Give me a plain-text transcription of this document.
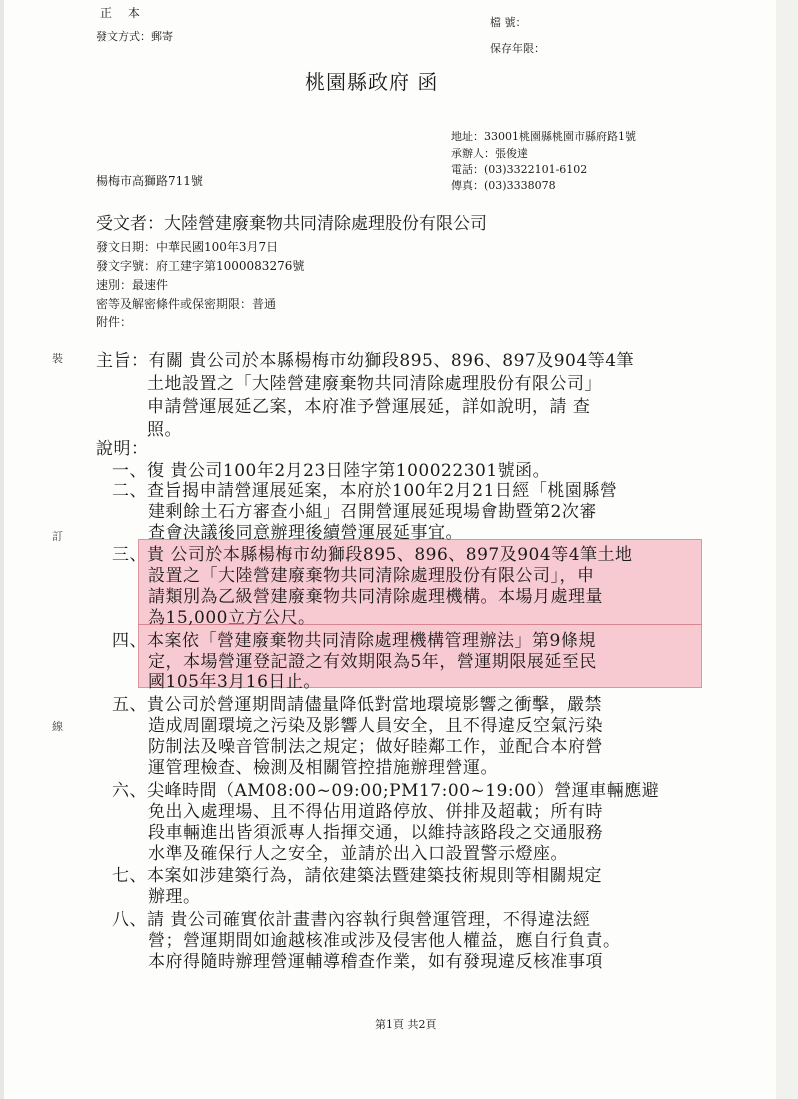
正 本
發文方式：郵寄
檔 號：
保存年限：
桃園縣政府 函
地址：33001桃園縣桃園市縣府路1號
承辦人：張俊達
電話：(03)3322101-6102
傳真：(03)3338078
楊梅市高獅路711號
受文者：大陸營建廢棄物共同清除處理股份有限公司
發文日期：中華民國100年3月7日
發文字號：府工建字第1000083276號
速別：最速件
密等及解密條件或保密期限：普通
附件：
裝
訂
線
主旨：有關 貴公司於本縣楊梅市幼獅段895、896、897及904等4筆
土地設置之「大陸營建廢棄物共同清除處理股份有限公司」
申請營運展延乙案，本府准予營運展延，詳如說明，請 查
照。
說明：
一、復 貴公司100年2月23日陸字第100022301號函。
二、查旨揭申請營運展延案，本府於100年2月21日經「桃園縣營
建剩餘土石方審查小組」召開營運展延現場會勘暨第2次審
查會決議後同意辦理後續營運展延事宜。
三、貴 公司於本縣楊梅市幼獅段895、896、897及904等4筆土地
設置之「大陸營建廢棄物共同清除處理股份有限公司」，申
請類別為乙級營建廢棄物共同清除處理機構。本場月處理量
為15,000立方公尺。
四、本案依「營建廢棄物共同清除處理機構管理辦法」第9條規
定，本場營運登記證之有效期限為5年，營運期限展延至民
國105年3月16日止。
五、貴公司於營運期間請儘量降低對當地環境影響之衝擊，嚴禁
造成周圍環境之污染及影響人員安全，且不得違反空氣污染
防制法及噪音管制法之規定；做好睦鄰工作，並配合本府營
運管理檢查、檢測及相關管控措施辦理營運。
六、尖峰時間（AM08:00~09:00;PM17:00~19:00）營運車輛應避
免出入處理場、且不得佔用道路停放、併排及超載；所有時
段車輛進出皆須派專人指揮交通，以維持該路段之交通服務
水準及確保行人之安全，並請於出入口設置警示燈座。
七、本案如涉建築行為，請依建築法暨建築技術規則等相關規定
辦理。
八、請 貴公司確實依計畫書內容執行與營運管理，不得違法經
營；營運期間如逾越核准或涉及侵害他人權益，應自行負責。
本府得隨時辦理營運輔導稽查作業，如有發現違反核准事項
第1頁 共2頁
